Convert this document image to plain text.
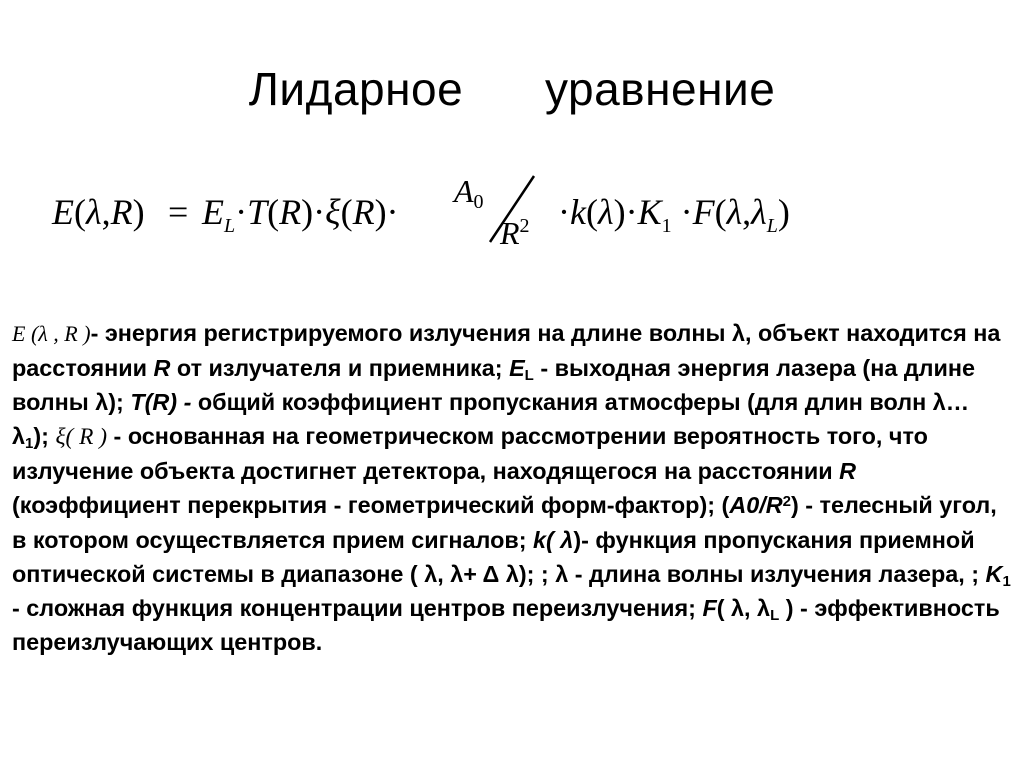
Лидарное   уравнение
$E(\lambda,R) = E_L\cdot T(R)\cdot\xi(R)\cdot$
A0
$R^2 \cdot k(\lambda)\cdot K_1 \cdot F(\lambda,\lambda_L)$
E (λ , R )- энергия регистрируемого излучения на длине волны λ, объект находится на расстоянии R от излучателя и приемника; $E_L$ - выходная энергия лазера (на длине волны λ); T(R) - общий коэффициент пропускания атмосферы (для длин волн λ… $\lambda_1$); ξ( R ) - основанная на геометрическом рассмотрении вероятность того, что излучение объекта достигнет детектора, находящегося на расстоянии R (коэффициент перекрытия - геометрический форм-фактор); $(A0/R^2)$ - телесный угол, в котором осуществляется прием сигналов; k( λ)- функция пропускания приемной оптической системы в диапазоне ( λ, λ+ Δ λ); ; λ - длина волны излучения лазера, ; $K_1$ - сложная функция концентрации центров переизлучения; F( λ, $\lambda_L$ ) - эффективность переизлучающих центров.
